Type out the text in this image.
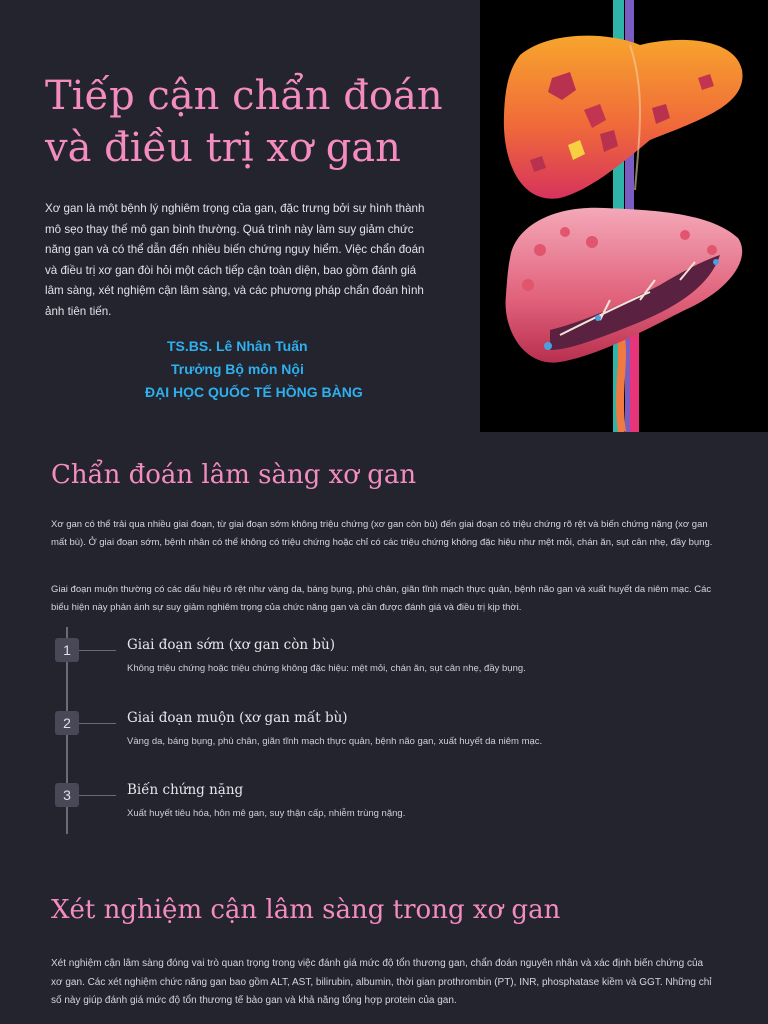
Tiếp cận chẩn đoán
và điều trị xơ gan

Xơ gan là một bệnh lý nghiêm trọng của gan, đặc trưng bởi sự hình thành mô sẹo thay thế mô gan bình thường. Quá trình này làm suy giảm chức năng gan và có thể dẫn đến nhiều biến chứng nguy hiểm. Việc chẩn đoán và điều trị xơ gan đòi hỏi một cách tiếp cận toàn diện, bao gồm đánh giá lâm sàng, xét nghiệm cận lâm sàng, và các phương pháp chẩn đoán hình ảnh tiên tiến.

TS.BS. Lê Nhân Tuấn
Trưởng Bộ môn Nội
ĐẠI HỌC QUỐC TẾ HỒNG BÀNG
Chẩn đoán lâm sàng xơ gan

Xơ gan có thể trải qua nhiều giai đoạn, từ giai đoạn sớm không triệu chứng (xơ gan còn bù) đến giai đoạn có triệu chứng rõ rệt và biến chứng nặng (xơ gan mất bù). Ở giai đoạn sớm, bệnh nhân có thể không có triệu chứng hoặc chỉ có các triệu chứng không đặc hiệu như mệt mỏi, chán ăn, sụt cân nhẹ, đầy bụng.

Giai đoạn muộn thường có các dấu hiệu rõ rệt như vàng da, báng bụng, phù chân, giãn tĩnh mạch thực quản, bệnh não gan và xuất huyết da niêm mạc. Các biểu hiện này phản ánh sự suy giảm nghiêm trọng của chức năng gan và cần được đánh giá và điều trị kịp thời.

1	Giai đoạn sớm (xơ gan còn bù)
Không triệu chứng hoặc triệu chứng không đặc hiệu: mệt mỏi, chán ăn, sụt cân nhẹ, đầy bụng.
2	Giai đoạn muộn (xơ gan mất bù)
Vàng da, báng bụng, phù chân, giãn tĩnh mạch thực quản, bệnh não gan, xuất huyết da niêm mạc.
3	Biến chứng nặng
Xuất huyết tiêu hóa, hôn mê gan, suy thận cấp, nhiễm trùng nặng.
Xét nghiệm cận lâm sàng trong xơ gan

Xét nghiệm cận lâm sàng đóng vai trò quan trọng trong việc đánh giá mức độ tổn thương gan, chẩn đoán nguyên nhân và xác định biến chứng của xơ gan. Các xét nghiệm chức năng gan bao gồm ALT, AST, bilirubin, albumin, thời gian prothrombin (PT), INR, phosphatase kiềm và GGT. Những chỉ số này giúp đánh giá mức độ tổn thương tế bào gan và khả năng tổng hợp protein của gan.
